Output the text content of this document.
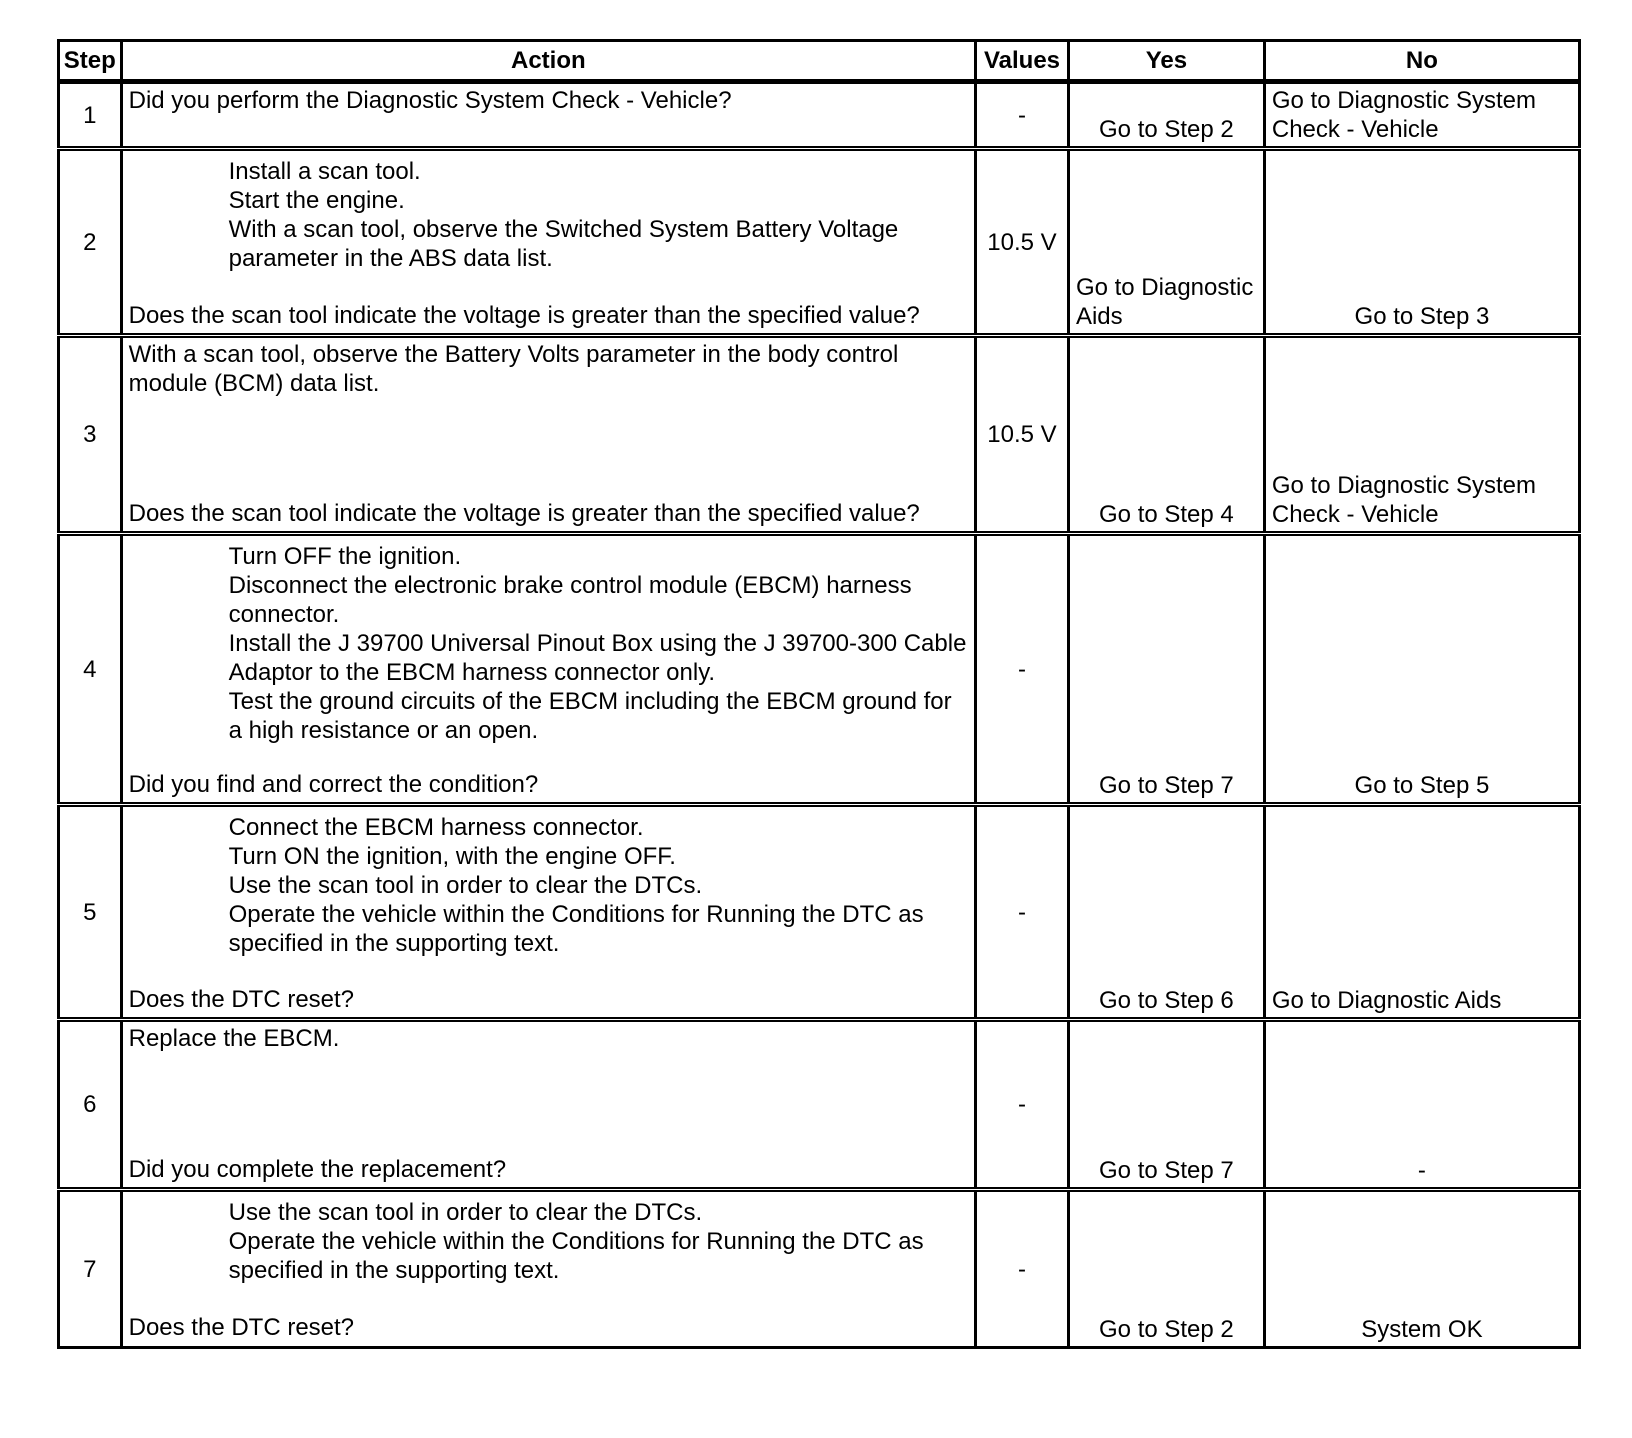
Step	Action	Values	Yes	No
1	Did you perform the Diagnostic System Check - Vehicle?	-	Go to Step 2	Go to Diagnostic System Check - Vehicle
2	Install a scan tool.
Start the engine.
With a scan tool, observe the Switched System Battery Voltage parameter in the ABS data list.
Does the scan tool indicate the voltage is greater than the specified value?	10.5 V	Go to Diagnostic Aids	Go to Step 3
3	With a scan tool, observe the Battery Volts parameter in the body control module (BCM) data list.
Does the scan tool indicate the voltage is greater than the specified value?	10.5 V	Go to Step 4	Go to Diagnostic System Check - Vehicle
4	Turn OFF the ignition.
Disconnect the electronic brake control module (EBCM) harness connector.
Install the J 39700 Universal Pinout Box using the J 39700-300 Cable Adaptor to the EBCM harness connector only.
Test the ground circuits of the EBCM including the EBCM ground for a high resistance or an open.
Did you find and correct the condition?	-	Go to Step 7	Go to Step 5
5	Connect the EBCM harness connector.
Turn ON the ignition, with the engine OFF.
Use the scan tool in order to clear the DTCs.
Operate the vehicle within the Conditions for Running the DTC as specified in the supporting text.
Does the DTC reset?	-	Go to Step 6	Go to Diagnostic Aids
6	Replace the EBCM.
Did you complete the replacement?	-	Go to Step 7	-
7	Use the scan tool in order to clear the DTCs.
Operate the vehicle within the Conditions for Running the DTC as specified in the supporting text.
Does the DTC reset?	-	Go to Step 2	System OK
